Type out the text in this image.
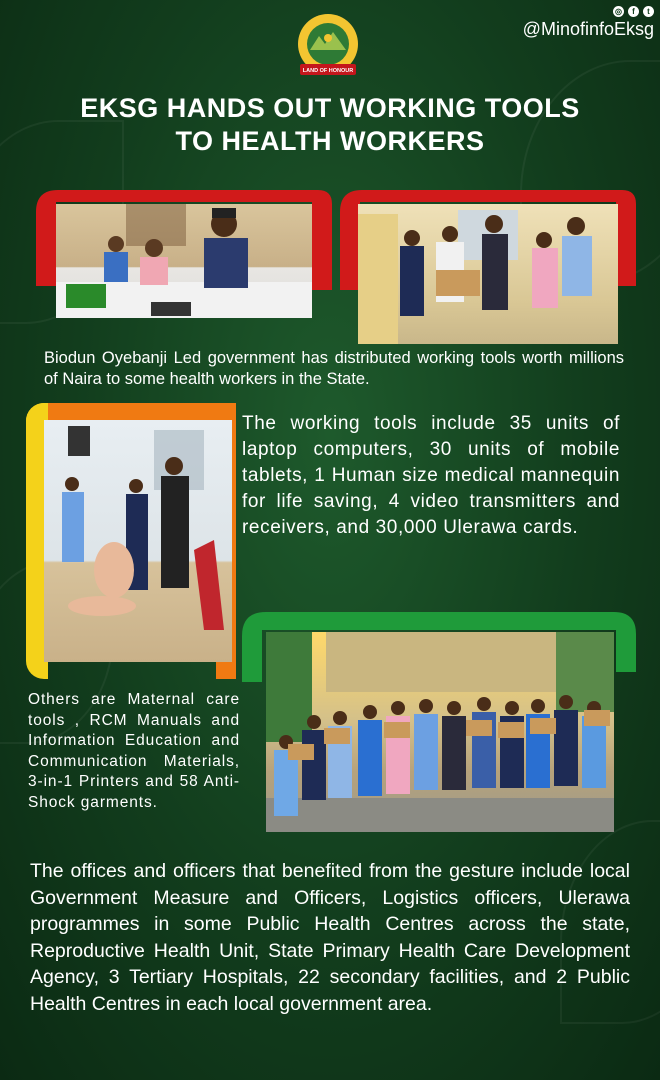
◎	f	t
@MinofinfoEksg
LAND OF HONOUR
EKSG HANDS OUT WORKING TOOLS
TO HEALTH WORKERS
Biodun Oyebanji Led government has distributed working tools worth millions of Naira to some health workers in the State.
The working tools include 35 units of laptop computers, 30 units of mobile tablets, 1 Human size medical mannequin for life saving, 4 video transmitters and receivers, and 30,000 Ulerawa cards.
Others are Maternal care tools , RCM Manuals and Information Education and Communication Materials, 3-in-1 Printers and 58 Anti-Shock garments.
The offices and officers that benefited from the gesture include local Government Measure and Officers, Logistics officers, Ulerawa programmes in some Public Health Centres across the state, Reproductive Health Unit, State Primary Health Care Development Agency, 3 Tertiary Hospitals, 22 secondary facilities, and 2 Public Health Centres in each local government area.
